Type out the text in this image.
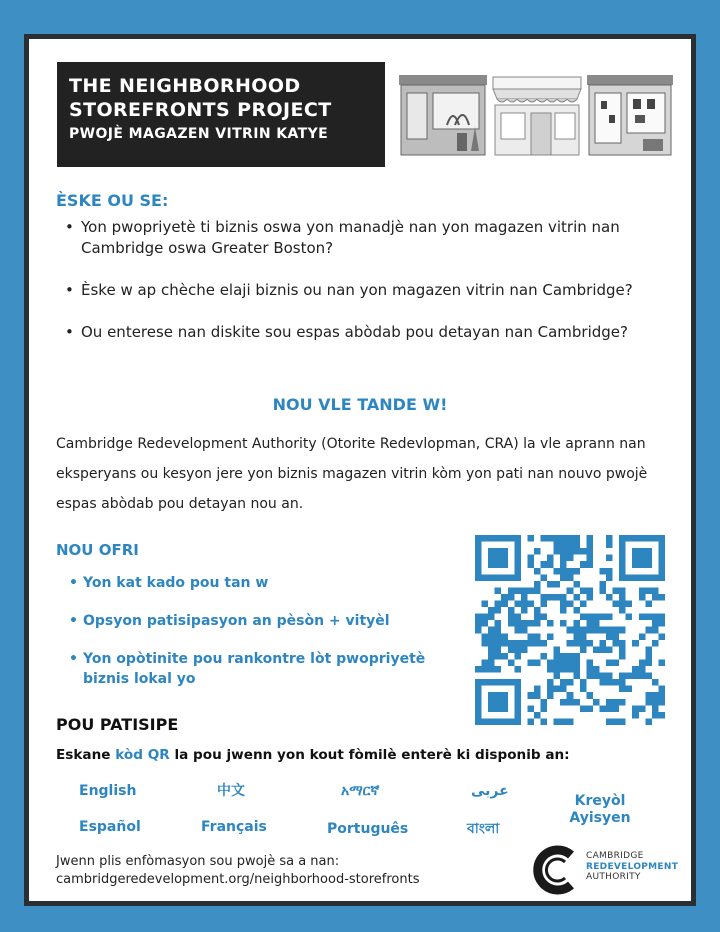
THE NEIGHBORHOOD
STOREFRONTS PROJECT
PWOJÈ MAGAZEN VITRIN KATYE
ÈSKE OU SE:
• Yon pwopriyetè ti biznis oswa yon manadjè nan yon magazen vitrin nan Cambridge oswa Greater Boston?
• Èske w ap chèche elaji biznis ou nan yon magazen vitrin nan Cambridge?
• Ou enterese nan diskite sou espas abòdab pou detayan nan Cambridge?
NOU VLE TANDE W!

Cambridge Redevelopment Authority (Otorite Redevlopman, CRA) la vle aprann nan eksperyans ou kesyon jere yon biznis magazen vitrin kòm yon pati nan nouvo pwojè espas abòdab pou detayan nou an.

NOU OFRI
• Yon kat kado pou tan w
• Opsyon patisipasyon an pèsòn + vityèl
• Yon opòtinite pou rankontre lòt pwopriyetè biznis lokal yo
POU PATISIPE
Eskane kòd QR la pou jwenn yon kout fòmilè enterè ki disponib an:
English	中文	አማርኛ	عربى
Kreyòl Ayisyen
Español	Français	Português	বাংলা
Jwenn plis enfòmasyon sou pwojè sa a nan:
cambridgeredevelopment.org/neighborhood-storefronts
CAMBRIDGE
REDEVELOPMENT
AUTHORITY
